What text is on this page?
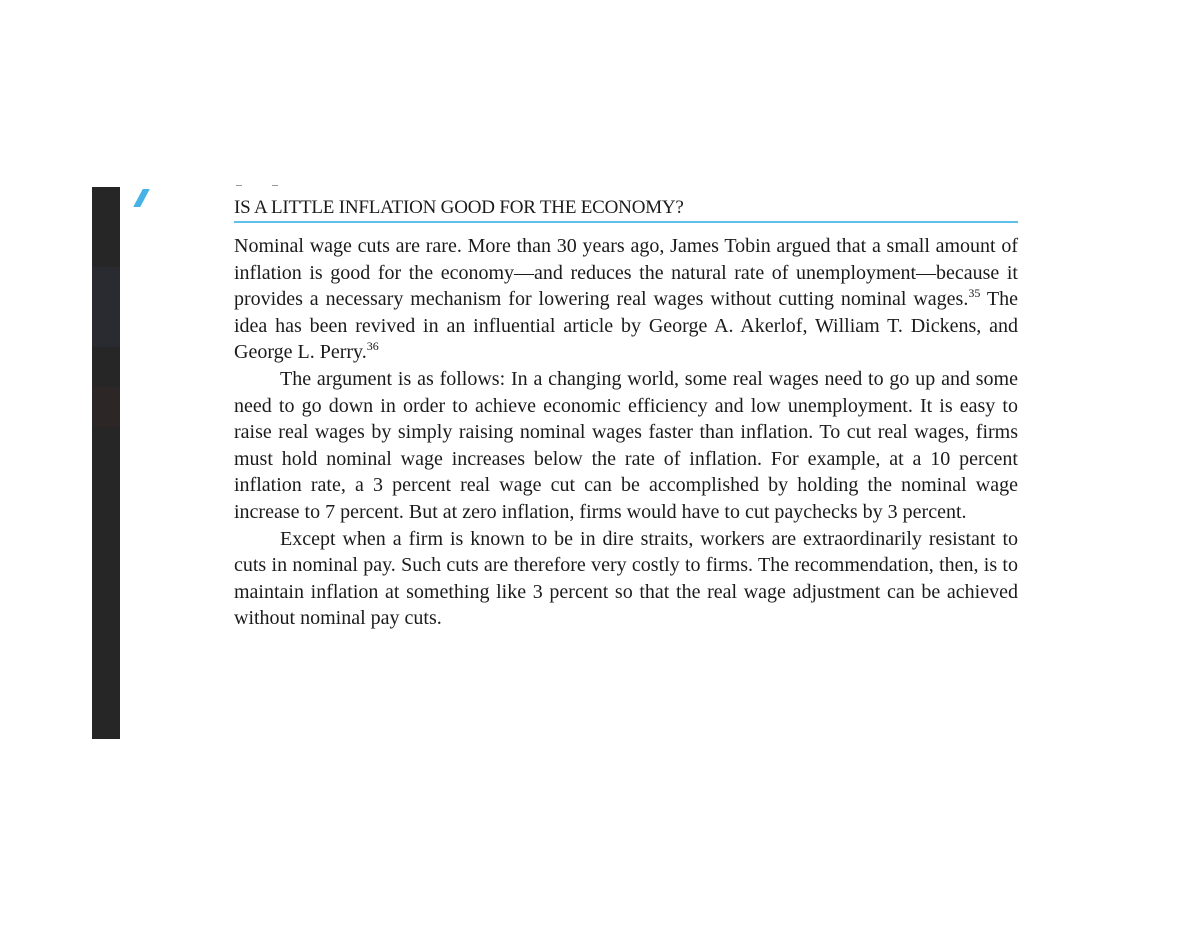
IS A LITTLE INFLATION GOOD FOR THE ECONOMY?

Nominal wage cuts are rare. More than 30 years ago, James Tobin argued that a small amount of inflation is good for the economy—and reduces the natural rate of unemployment—because it provides a necessary mechanism for lowering real wages without cutting nominal wages.$^{35}$ The idea has been revived in an influential article by George A. Akerlof, William T. Dickens, and George L. Perry.$^{36}$

The argument is as follows: In a changing world, some real wages need to go up and some need to go down in order to achieve economic efficiency and low unemployment. It is easy to raise real wages by simply raising nominal wages faster than inflation. To cut real wages, firms must hold nominal wage increases below the rate of inflation. For example, at a 10 percent inflation rate, a 3 percent real wage cut can be accomplished by holding the nominal wage increase to 7 percent. But at zero inflation, firms would have to cut paychecks by 3 percent.

Except when a firm is known to be in dire straits, workers are extraordinarily resistant to cuts in nominal pay. Such cuts are therefore very costly to firms. The recommendation, then, is to maintain inflation at something like 3 percent so that the real wage adjustment can be achieved without nominal pay cuts.
